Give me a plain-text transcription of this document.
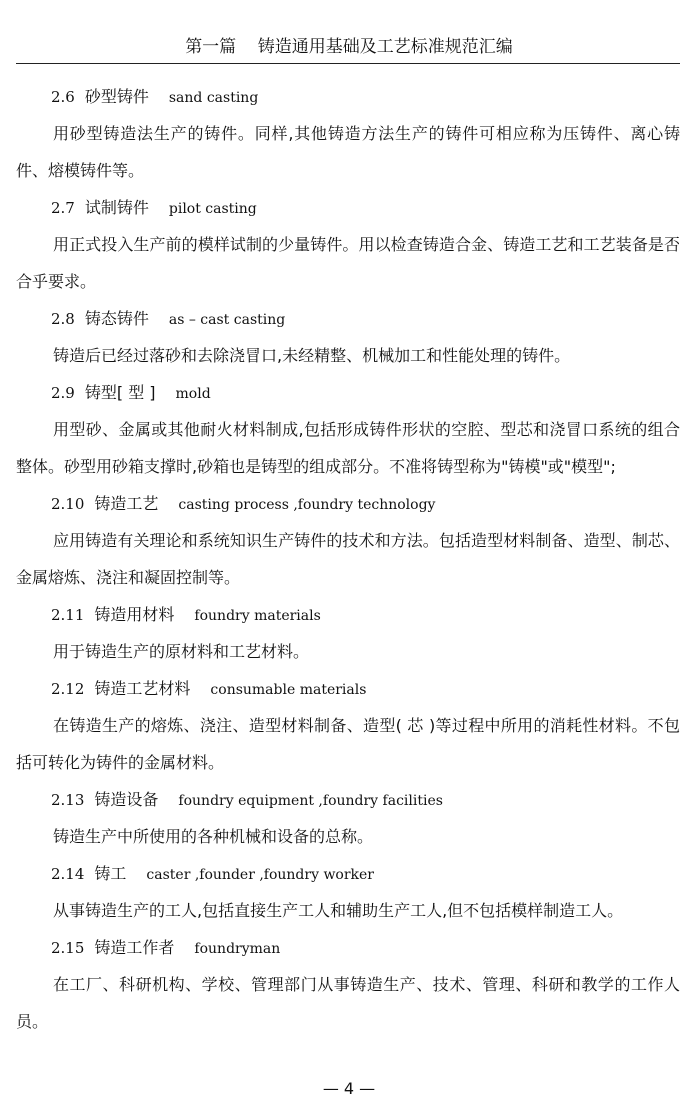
第一篇    铸造通用基础及工艺标准规范汇编
2.6 砂型铸件 sand casting

用砂型铸造法生产的铸件。同样,其他铸造方法生产的铸件可相应称为压铸件、离心铸件、熔模铸件等。

2.7 试制铸件 pilot casting

用正式投入生产前的模样试制的少量铸件。用以检查铸造合金、铸造工艺和工艺装备是否合乎要求。

2.8 铸态铸件 as – cast casting

铸造后已经过落砂和去除浇冒口,未经精整、机械加工和性能处理的铸件。

2.9 铸型[ 型 ] mold

用型砂、金属或其他耐火材料制成,包括形成铸件形状的空腔、型芯和浇冒口系统的组合整体。砂型用砂箱支撑时,砂箱也是铸型的组成部分。不准将铸型称为"铸模"或"模型";

2.10 铸造工艺 casting process ,foundry technology

应用铸造有关理论和系统知识生产铸件的技术和方法。包括造型材料制备、造型、制芯、金属熔炼、浇注和凝固控制等。

2.11 铸造用材料 foundry materials

用于铸造生产的原材料和工艺材料。

2.12 铸造工艺材料 consumable materials

在铸造生产的熔炼、浇注、造型材料制备、造型( 芯 )等过程中所用的消耗性材料。不包括可转化为铸件的金属材料。

2.13 铸造设备 foundry equipment ,foundry facilities

铸造生产中所使用的各种机械和设备的总称。

2.14 铸工 caster ,founder ,foundry worker

从事铸造生产的工人,包括直接生产工人和辅助生产工人,但不包括模样制造工人。

2.15 铸造工作者 foundryman

在工厂、科研机构、学校、管理部门从事铸造生产、技术、管理、科研和教学的工作人员。

— 4 —
